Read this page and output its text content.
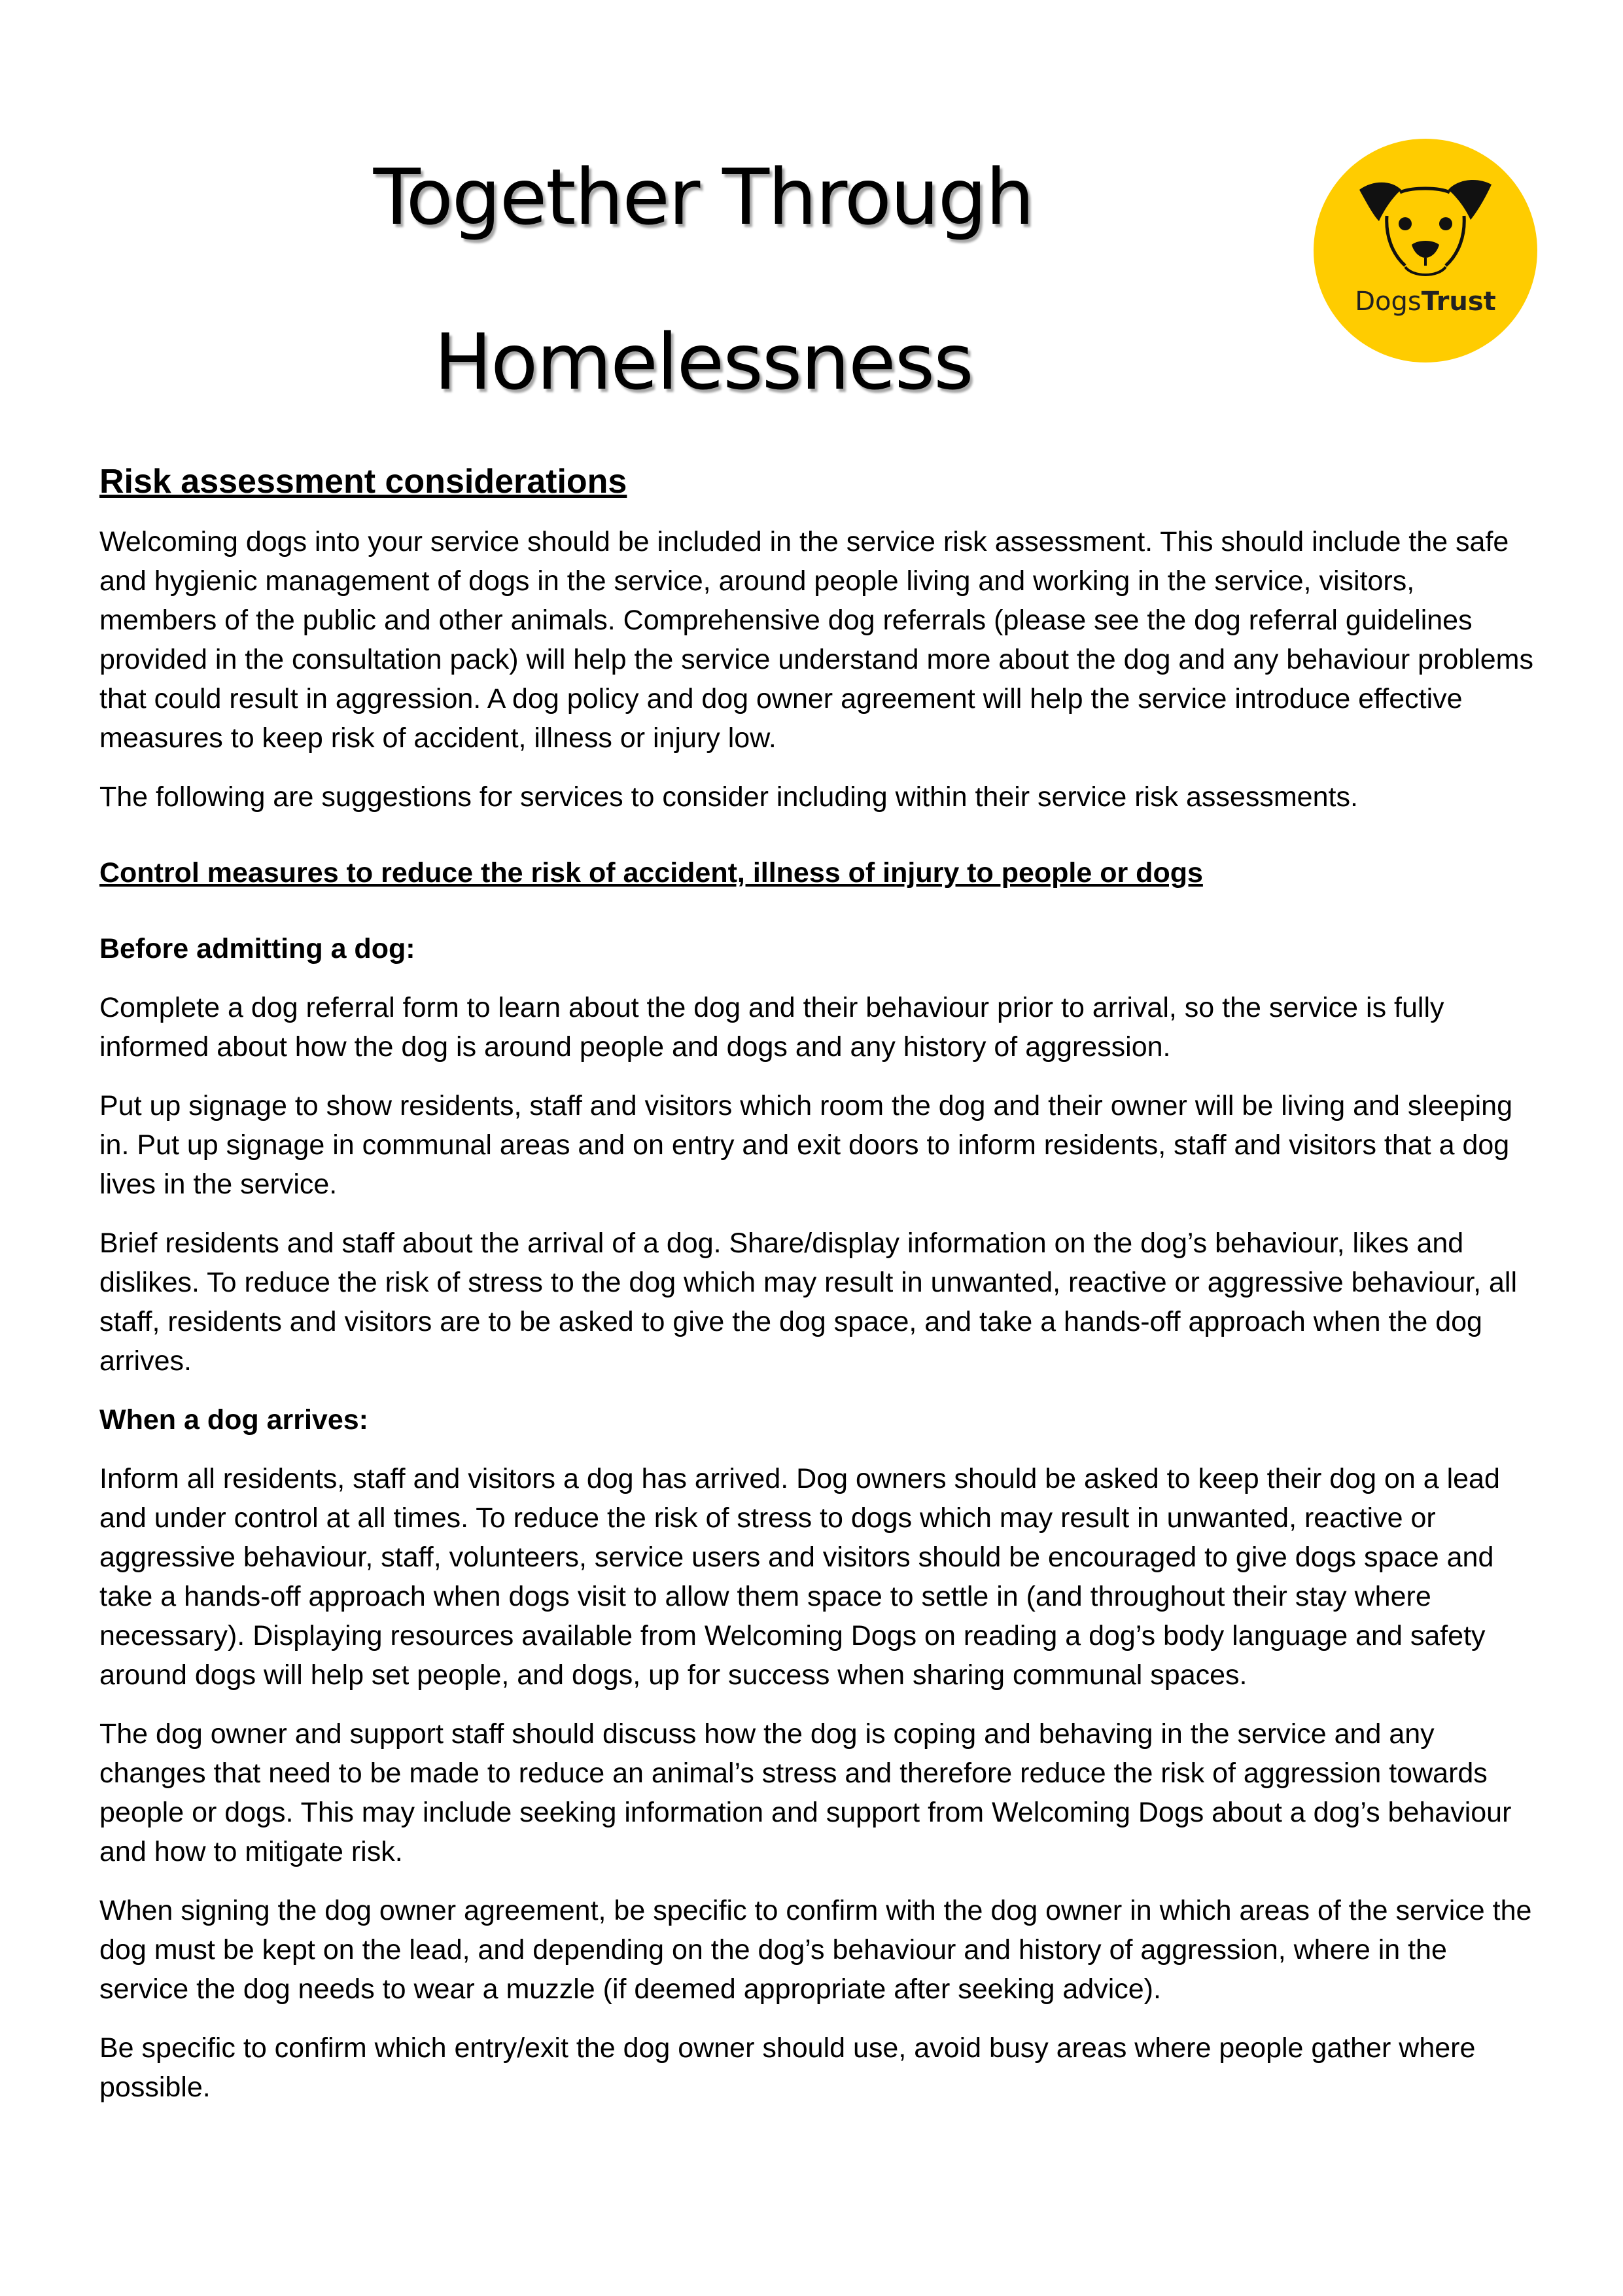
Together Through
Homelessness
DogsTrust
Risk assessment considerations

Welcoming dogs into your service should be included in the service risk assessment. This should include the safe and hygienic management of dogs in the service, around people living and working in the service, visitors, members of the public and other animals. Comprehensive dog referrals (please see the dog referral guidelines provided in the consultation pack) will help the service understand more about the dog and any behaviour problems that could result in aggression. A dog policy and dog owner agreement will help the service introduce effective measures to keep risk of accident, illness or injury low.

The following are suggestions for services to consider including within their service risk assessments.

Control measures to reduce the risk of accident, illness of injury to people or dogs
Before admitting a dog:

Complete a dog referral form to learn about the dog and their behaviour prior to arrival, so the service is fully informed about how the dog is around people and dogs and any history of aggression.

Put up signage to show residents, staff and visitors which room the dog and their owner will be living and sleeping in. Put up signage in communal areas and on entry and exit doors to inform residents, staff and visitors that a dog lives in the service.

Brief residents and staff about the arrival of a dog. Share/display information on the dog’s behaviour, likes and dislikes. To reduce the risk of stress to the dog which may result in unwanted, reactive or aggressive behaviour, all staff, residents and visitors are to be asked to give the dog space, and take a hands-off approach when the dog arrives.

When a dog arrives:

Inform all residents, staff and visitors a dog has arrived. Dog owners should be asked to keep their dog on a lead and under control at all times. To reduce the risk of stress to dogs which may result in unwanted, reactive or aggressive behaviour, staff, volunteers, service users and visitors should be encouraged to give dogs space and take a hands-off approach when dogs visit to allow them space to settle in (and throughout their stay where necessary). Displaying resources available from Welcoming Dogs on reading a dog’s body language and safety around dogs will help set people, and dogs, up for success when sharing communal spaces.

The dog owner and support staff should discuss how the dog is coping and behaving in the service and any changes that need to be made to reduce an animal’s stress and therefore reduce the risk of aggression towards people or dogs. This may include seeking information and support from Welcoming Dogs about a dog’s behaviour and how to mitigate risk.

When signing the dog owner agreement, be specific to confirm with the dog owner in which areas of the service the dog must be kept on the lead, and depending on the dog’s behaviour and history of aggression, where in the service the dog needs to wear a muzzle (if deemed appropriate after seeking advice).

Be specific to confirm which entry/exit the dog owner should use, avoid busy areas where people gather where possible.
